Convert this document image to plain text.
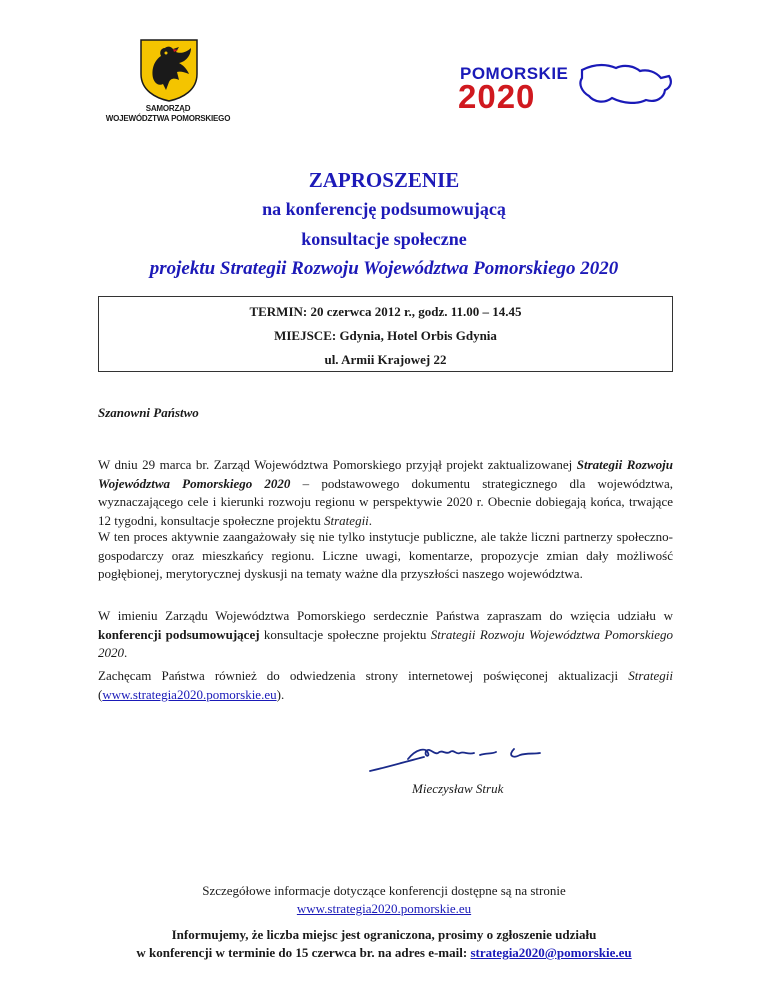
SAMORZĄD
WOJEWÓDZTWA POMORSKIEGO
POMORSKIE
2020
ZAPROSZENIE
na konferencję podsumowującą
konsultacje społeczne
projektu Strategii Rozwoju Województwa Pomorskiego 2020
TERMIN: 20 czerwca 2012 r., godz. 11.00 – 14.45
MIEJSCE: Gdynia, Hotel Orbis Gdynia
ul. Armii Krajowej 22
Szanowni Państwo
W dniu 29 marca br. Zarząd Województwa Pomorskiego przyjął projekt zaktualizowanej Strategii Rozwoju Województwa Pomorskiego 2020 – podstawowego dokumentu strategicznego dla województwa, wyznaczającego cele i kierunki rozwoju regionu w perspektywie 2020 r. Obecnie dobiegają końca, trwające 12 tygodni, konsultacje społeczne projektu Strategii.
W ten proces aktywnie zaangażowały się nie tylko instytucje publiczne, ale także liczni partnerzy społeczno-gospodarczy oraz mieszkańcy regionu. Liczne uwagi, komentarze, propozycje zmian dały możliwość pogłębionej, merytorycznej dyskusji na tematy ważne dla przyszłości naszego województwa.
W imieniu Zarządu Województwa Pomorskiego serdecznie Państwa zapraszam do wzięcia udziału w konferencji podsumowującej konsultacje społeczne projektu Strategii Rozwoju Województwa Pomorskiego 2020.
Zachęcam Państwa również do odwiedzenia strony internetowej poświęconej aktualizacji Strategii (www.strategia2020.pomorskie.eu).
Mieczysław Struk
Szczegółowe informacje dotyczące konferencji dostępne są na stronie
www.strategia2020.pomorskie.eu
Informujemy, że liczba miejsc jest ograniczona, prosimy o zgłoszenie udziału
w konferencji w terminie do 15 czerwca br. na adres e-mail: strategia2020@pomorskie.eu
